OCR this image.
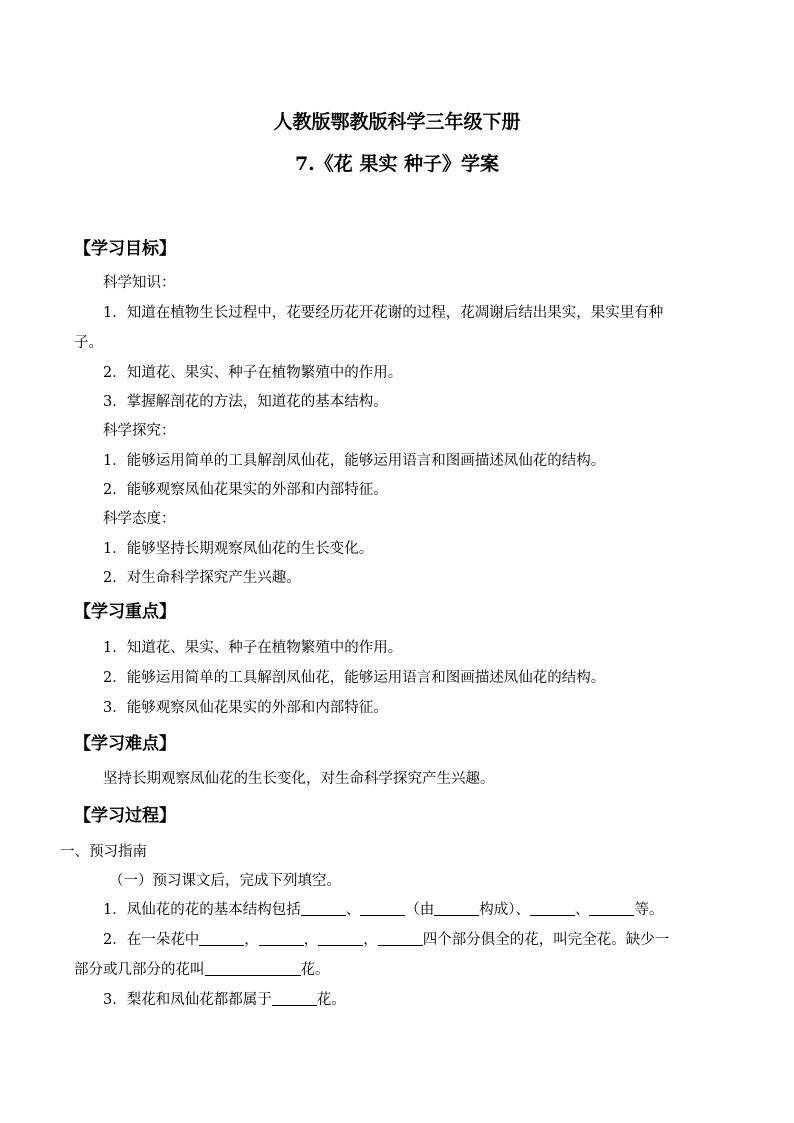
人教版鄂教版科学三年级下册
7.《花 果实 种子》学案
【学习目标】
科学知识：
1．知道在植物生长过程中，花要经历花开花谢的过程，花凋谢后结出果实，果实里有种
子。
2．知道花、果实、种子在植物繁殖中的作用。
3．掌握解剖花的方法，知道花的基本结构。
科学探究：
1．能够运用简单的工具解剖凤仙花，能够运用语言和图画描述凤仙花的结构。
2．能够观察凤仙花果实的外部和内部特征。
科学态度：
1．能够坚持长期观察凤仙花的生长变化。
2．对生命科学探究产生兴趣。
【学习重点】
1．知道花、果实、种子在植物繁殖中的作用。
2．能够运用简单的工具解剖凤仙花，能够运用语言和图画描述凤仙花的结构。
3．能够观察凤仙花果实的外部和内部特征。
【学习难点】
坚持长期观察凤仙花的生长变化，对生命科学探究产生兴趣。
【学习过程】
一、预习指南
（一）预习课文后，完成下列填空。
1．凤仙花的花的基本结构包括	、	（由	构成）、	、	等。
2．在一朵花中	，	，	，	四个部分俱全的花，叫完全花。缺少一
部分或几部分的花叫	花。
3．梨花和凤仙花都都属于	花。
